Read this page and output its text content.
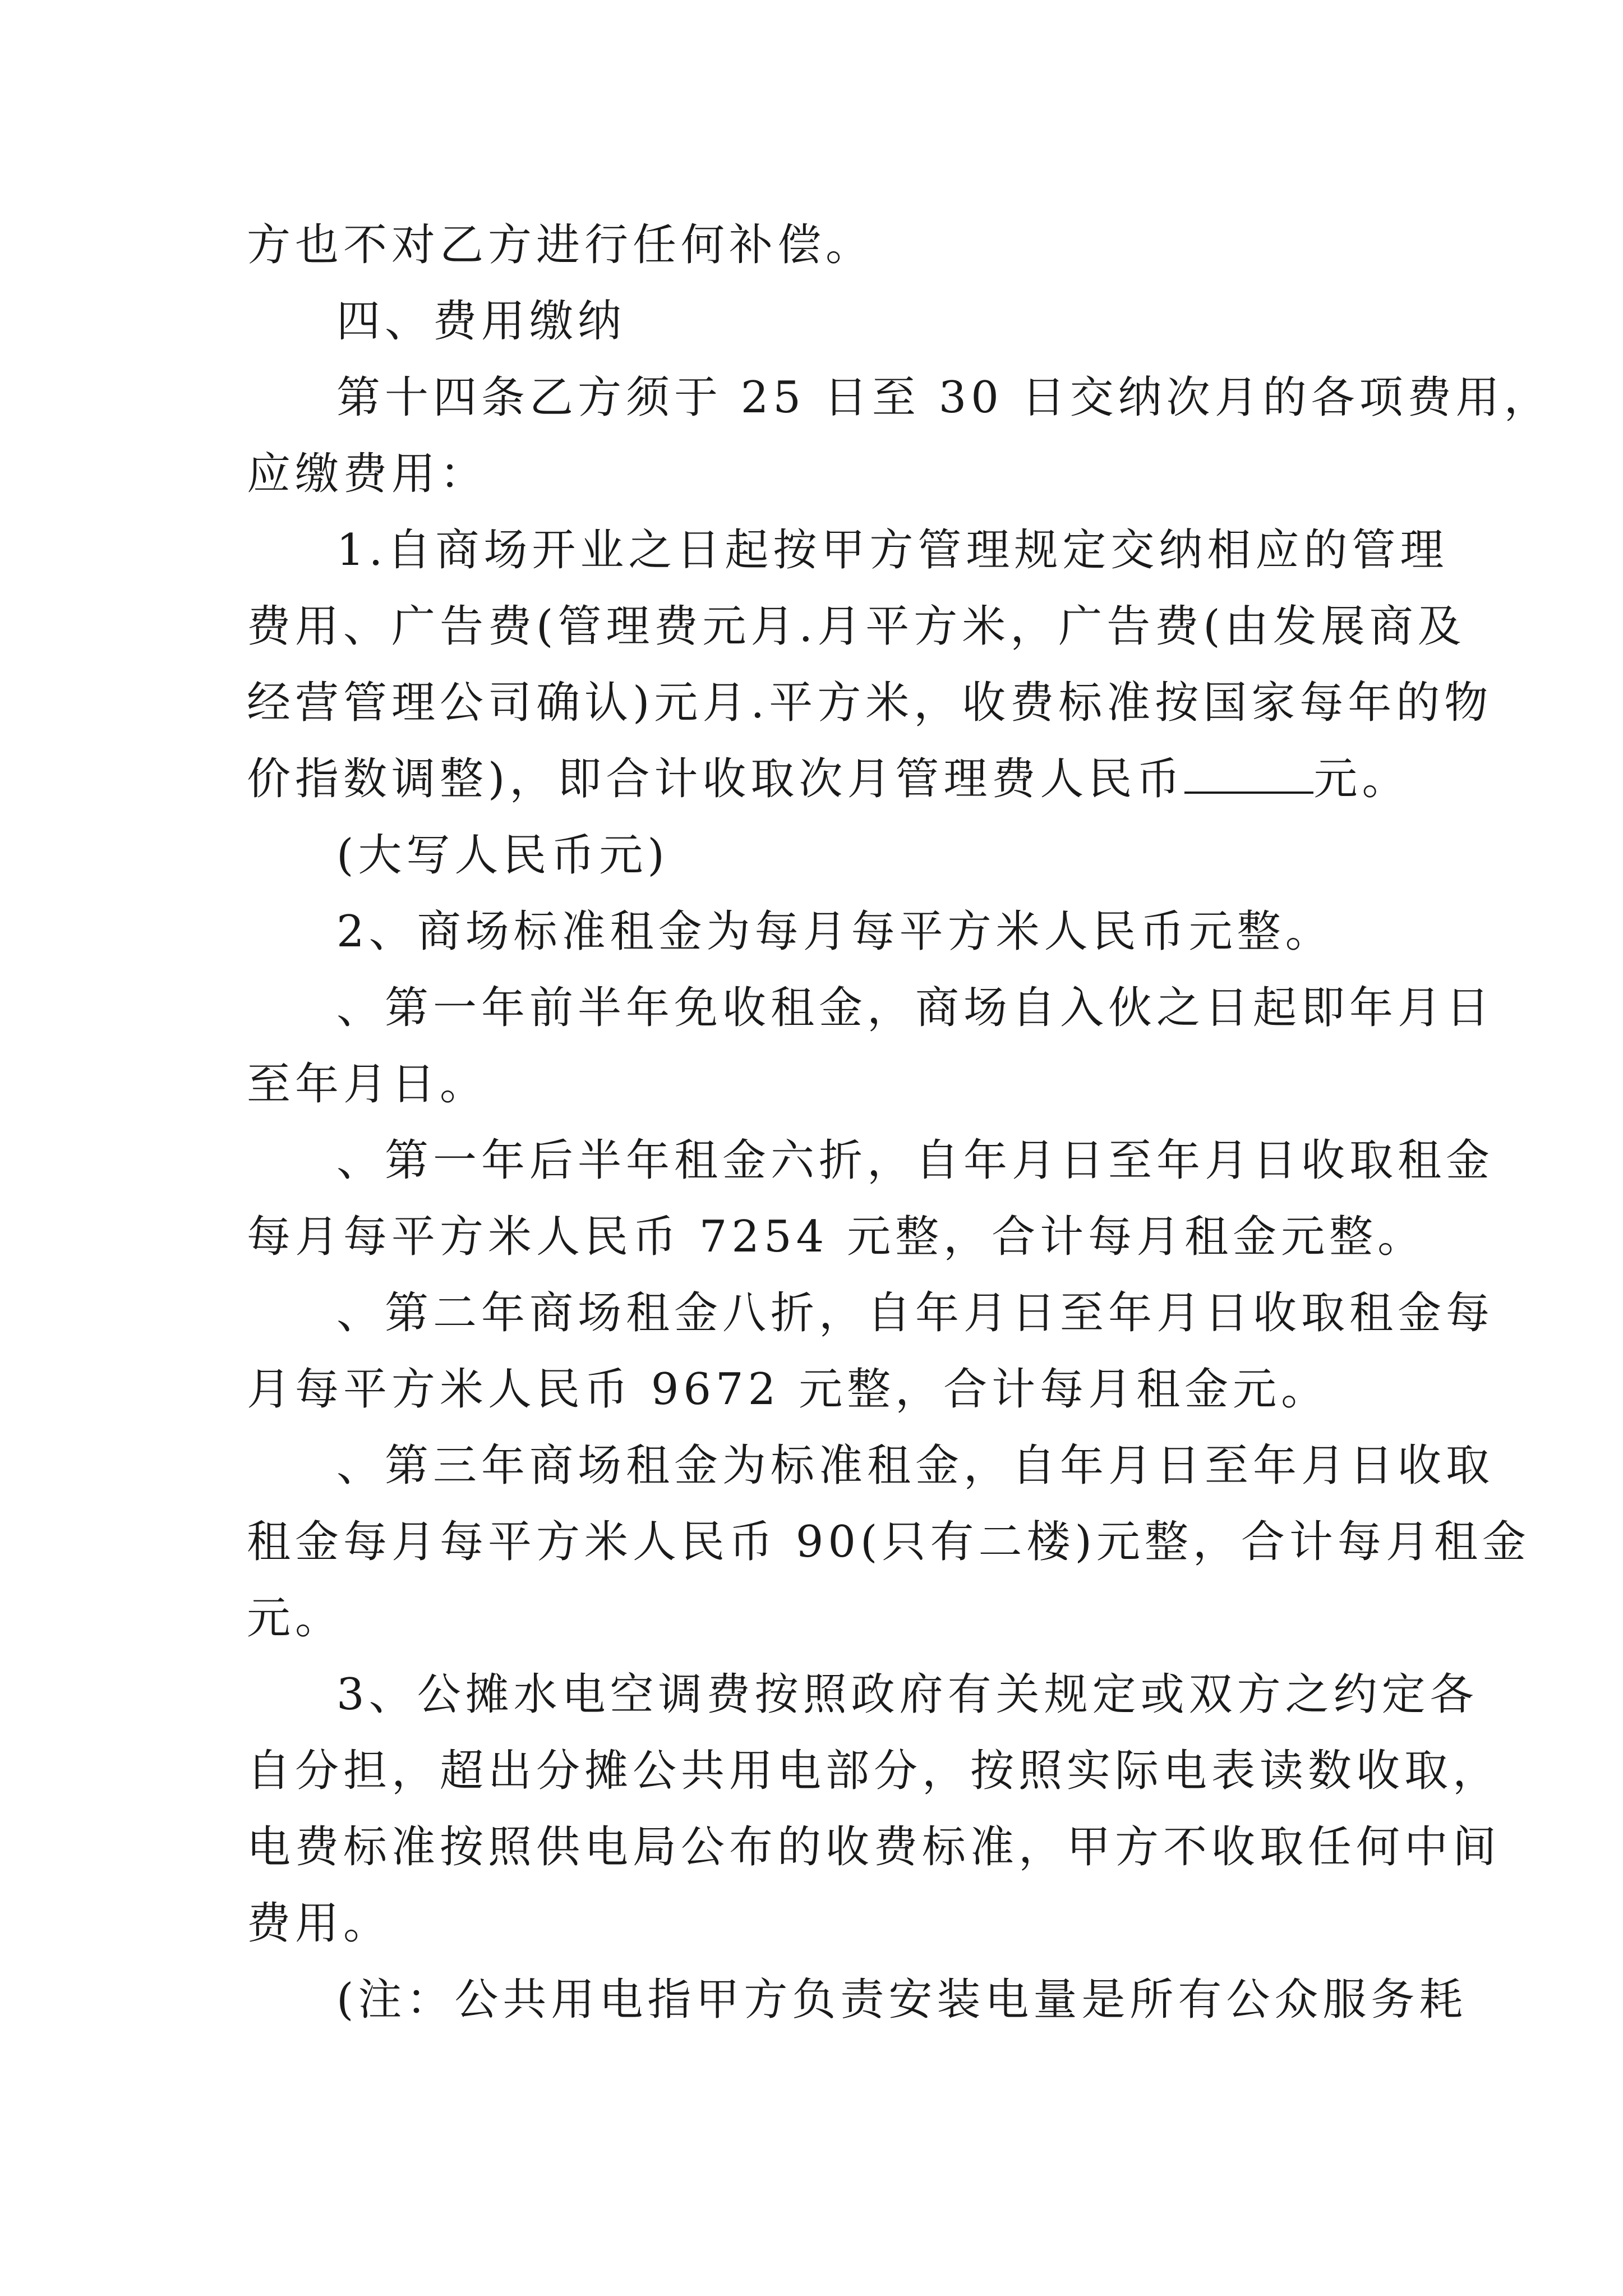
方也不对乙方进行任何补偿。
四、费用缴纳
第十四条乙方须于 25 日至 30 日交纳次月的各项费用，
应缴费用：
1.自商场开业之日起按甲方管理规定交纳相应的管理
费用、广告费(管理费元月.月平方米，广告费(由发展商及
经营管理公司确认)元月.平方米，收费标准按国家每年的物
价指数调整)，即合计收取次月管理费人民币	元。
(大写人民币元)
2、商场标准租金为每月每平方米人民币元整。
、第一年前半年免收租金，商场自入伙之日起即年月日
至年月日。
、第一年后半年租金六折，自年月日至年月日收取租金
每月每平方米人民币 7254 元整，合计每月租金元整。
、第二年商场租金八折，自年月日至年月日收取租金每
月每平方米人民币 9672 元整，合计每月租金元。
、第三年商场租金为标准租金，自年月日至年月日收取
租金每月每平方米人民币 90(只有二楼)元整，合计每月租金
元。
3、公摊水电空调费按照政府有关规定或双方之约定各
自分担，超出分摊公共用电部分，按照实际电表读数收取，
电费标准按照供电局公布的收费标准，甲方不收取任何中间
费用。
(注：公共用电指甲方负责安装电量是所有公众服务耗
